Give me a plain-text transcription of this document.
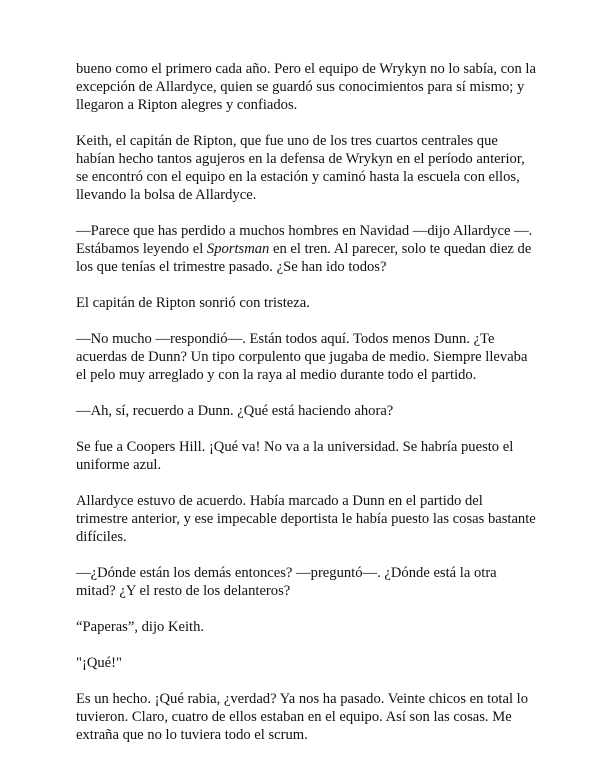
bueno como el primero cada año. Pero el equipo de Wrykyn no lo sabía, con la excepción de Allardyce, quien se guardó sus conocimientos para sí mismo; y llegaron a Ripton alegres y confiados.

Keith, el capitán de Ripton, que fue uno de los tres cuartos centrales que habían hecho tantos agujeros en la defensa de Wrykyn en el período anterior, se encontró con el equipo en la estación y caminó hasta la escuela con ellos, llevando la bolsa de Allardyce.

—Parece que has perdido a muchos hombres en Navidad —dijo Allardyce —. Estábamos leyendo el Sportsman en el tren. Al parecer, solo te quedan diez de los que tenías el trimestre pasado. ¿Se han ido todos?

El capitán de Ripton sonrió con tristeza.

—No mucho —respondió—. Están todos aquí. Todos menos Dunn. ¿Te acuerdas de Dunn? Un tipo corpulento que jugaba de medio. Siempre llevaba el pelo muy arreglado y con la raya al medio durante todo el partido.

—Ah, sí, recuerdo a Dunn. ¿Qué está haciendo ahora?

Se fue a Coopers Hill. ¡Qué va! No va a la universidad. Se habría puesto el uniforme azul.

Allardyce estuvo de acuerdo. Había marcado a Dunn en el partido del trimestre anterior, y ese impecable deportista le había puesto las cosas bastante difíciles.

—¿Dónde están los demás entonces? —preguntó—. ¿Dónde está la otra mitad? ¿Y el resto de los delanteros?

“Paperas”, dijo Keith.

"¡Qué!"

Es un hecho. ¡Qué rabia, ¿verdad? Ya nos ha pasado. Veinte chicos en total lo tuvieron. Claro, cuatro de ellos estaban en el equipo. Así son las cosas. Me extraña que no lo tuviera todo el scrum.
